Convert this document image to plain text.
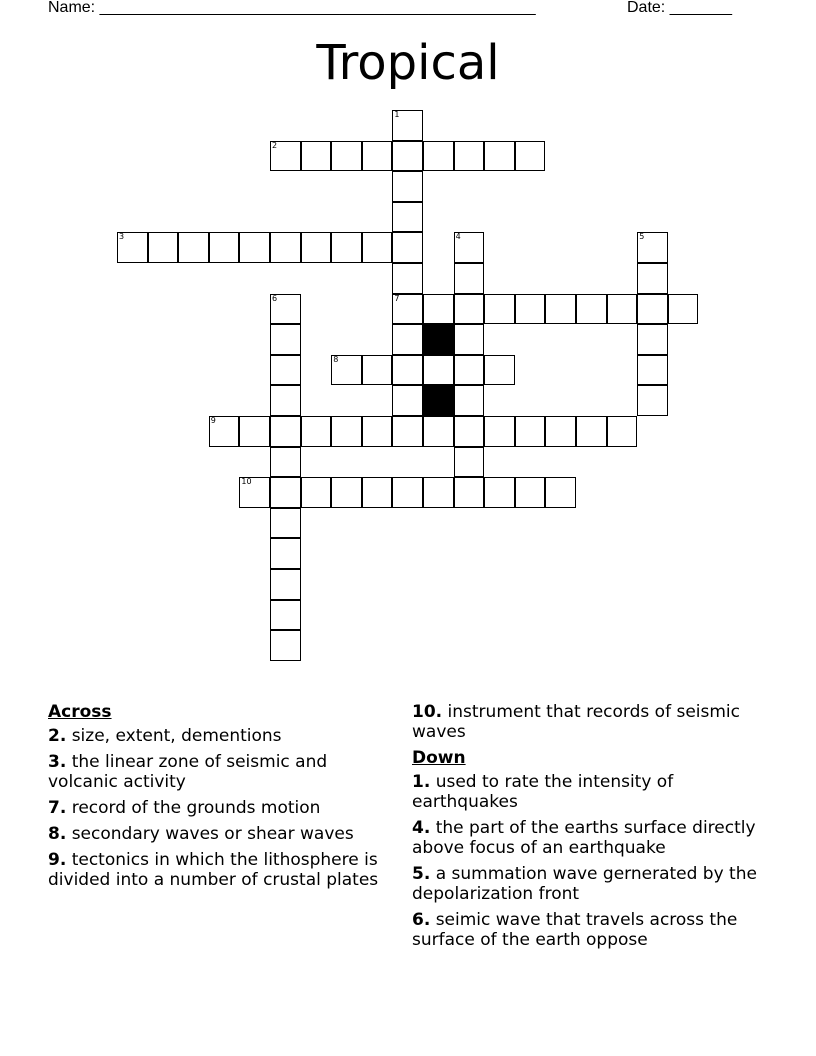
Name: _________________________________________________	Date: _______
Tropical
1
2
3	4	5
6	7
8
9
10
Across
2. size, extent, dementions
3. the linear zone of seismic and volcanic activity
7. record of the grounds motion
8. secondary waves or shear waves
9. tectonics in which the lithosphere is divided into a number of crustal plates
10. instrument that records of seismic waves
Down
1. used to rate the intensity of earthquakes
4. the part of the earths surface directly above focus of an earthquake
5. a summation wave gernerated by the depolarization front
6. seimic wave that travels across the surface of the earth oppose
